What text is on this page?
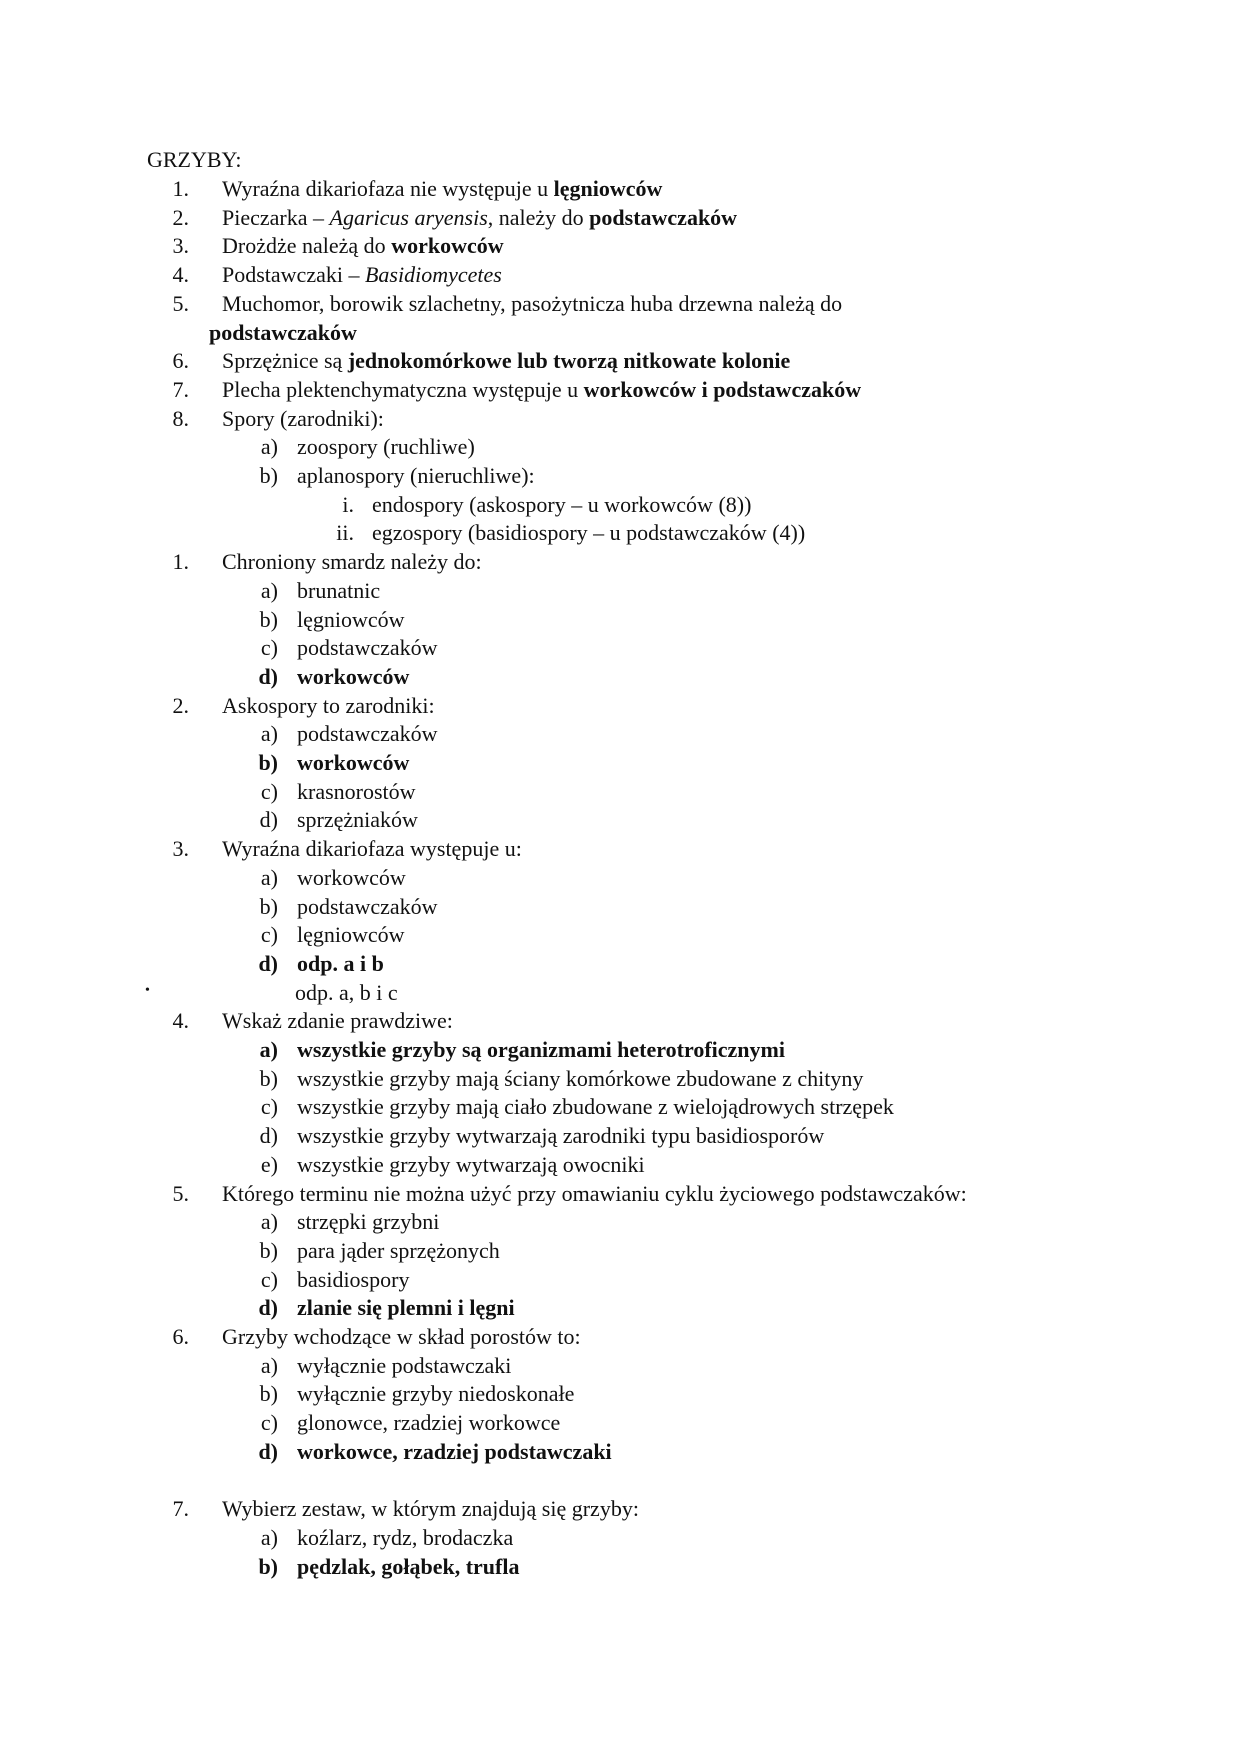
GRZYBY:
1. Wyraźna dikariofaza nie występuje u lęgniowców
2. Pieczarka – Agaricus aryensis, należy do podstawczaków
3. Drożdże należą do workowców
4. Podstawczaki – Basidiomycetes
5. Muchomor, borowik szlachetny, pasożytnicza huba drzewna należą do
podstawczaków
6. Sprzężnice są jednokomórkowe lub tworzą nitkowate kolonie
7. Plecha plektenchymatyczna występuje u workowców i podstawczaków
8. Spory (zarodniki):
a) zoospory (ruchliwe)
b) aplanospory (nieruchliwe):
i. endospory (askospory – u workowców (8))
ii. egzospory (basidiospory – u podstawczaków (4))
1. Chroniony smardz należy do:
a) brunatnic
b) lęgniowców
c) podstawczaków
d) workowców
2. Askospory to zarodniki:
a) podstawczaków
b) workowców
c) krasnorostów
d) sprzężniaków
3. Wyraźna dikariofaza występuje u:
a) workowców
b) podstawczaków
c) lęgniowców
d) odp. a i b
•	odp. a, b i c
4. Wskaż zdanie prawdziwe:
a) wszystkie grzyby są organizmami heterotroficznymi
b) wszystkie grzyby mają ściany komórkowe zbudowane z chityny
c) wszystkie grzyby mają ciało zbudowane z wielojądrowych strzępek
d) wszystkie grzyby wytwarzają zarodniki typu basidiosporów
e) wszystkie grzyby wytwarzają owocniki
5. Którego terminu nie można użyć przy omawianiu cyklu życiowego podstawczaków:
a) strzępki grzybni
b) para jąder sprzężonych
c) basidiospory
d) zlanie się plemni i lęgni
6. Grzyby wchodzące w skład porostów to:
a) wyłącznie podstawczaki
b) wyłącznie grzyby niedoskonałe
c) glonowce, rzadziej workowce
d) workowce, rzadziej podstawczaki
7. Wybierz zestaw, w którym znajdują się grzyby:
a) koźlarz, rydz, brodaczka
b) pędzlak, gołąbek, trufla
